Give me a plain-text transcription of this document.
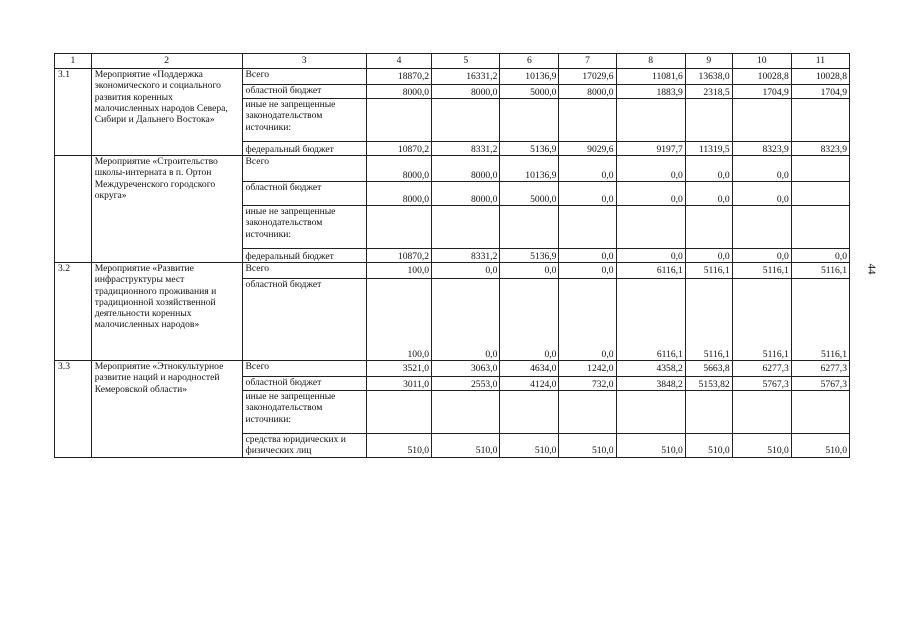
1	2	3	4	5	6	7	8	9	10	11
3.1	Мероприятие «Поддержка экономического и социального развития коренных малочисленных народов Севера, Сибири и Дальнего Востока»	Всего	18870,2	16331,2	10136,9	17029,6	11081,6	13638,0	10028,8	10028,8
		областной бюджет	8000,0	8000,0	5000,0	8000,0	1883,9	2318,5	1704,9	1704,9
		иные не запрещенные законодательством источники:								
		федеральный бюджет	10870,2	8331,2	5136,9	9029,6	9197,7	11319,5	8323,9	8323,9
	Мероприятие «Строительство школы-интерната в п. Ортон Междуреченского городского округа»	Всего	8000,0	8000,0	10136,9	0,0	0,0	0,0	0,0	
		областной бюджет	8000,0	8000,0	5000,0	0,0	0,0	0,0	0,0	
		иные не запрещенные законодательством источники:								
		федеральный бюджет	10870,2	8331,2	5136,9	0,0	0,0	0,0	0,0	0,0
3.2	Мероприятие «Развитие инфраструктуры мест традиционного проживания и традиционной хозяйственной деятельности коренных малочисленных народов»	Всего	100,0	0,0	0,0	0,0	6116,1	5116,1	5116,1	5116,1
		областной бюджет	100,0	0,0	0,0	0,0	6116,1	5116,1	5116,1	5116,1
3.3	Мероприятие «Этнокультурное развитие наций и народностей Кемеровской области»	Всего	3521,0	3063,0	4634,0	1242,0	4358,2	5663,8	6277,3	6277,3
		областной бюджет	3011,0	2553,0	4124,0	732,0	3848,2	5153,82	5767,3	5767,3
		иные не запрещенные законодательством источники:								
		средства юридических и физических лиц	510,0	510,0	510,0	510,0	510,0	510,0	510,0	510,0
44
